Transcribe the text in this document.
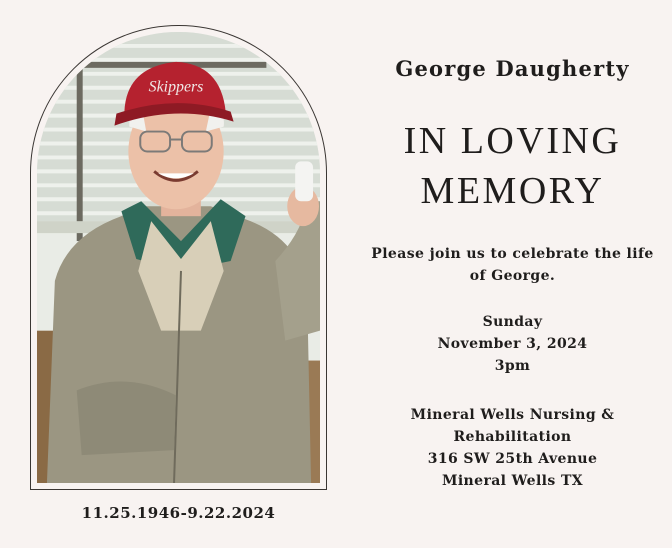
Skippers
11.25.1946-9.22.2024
George Daugherty
IN LOVING
MEMORY
Please join us to celebrate the life
of George.
Sunday
November 3, 2024
3pm
Mineral Wells Nursing &
Rehabilitation
316 SW 25th Avenue
Mineral Wells TX
